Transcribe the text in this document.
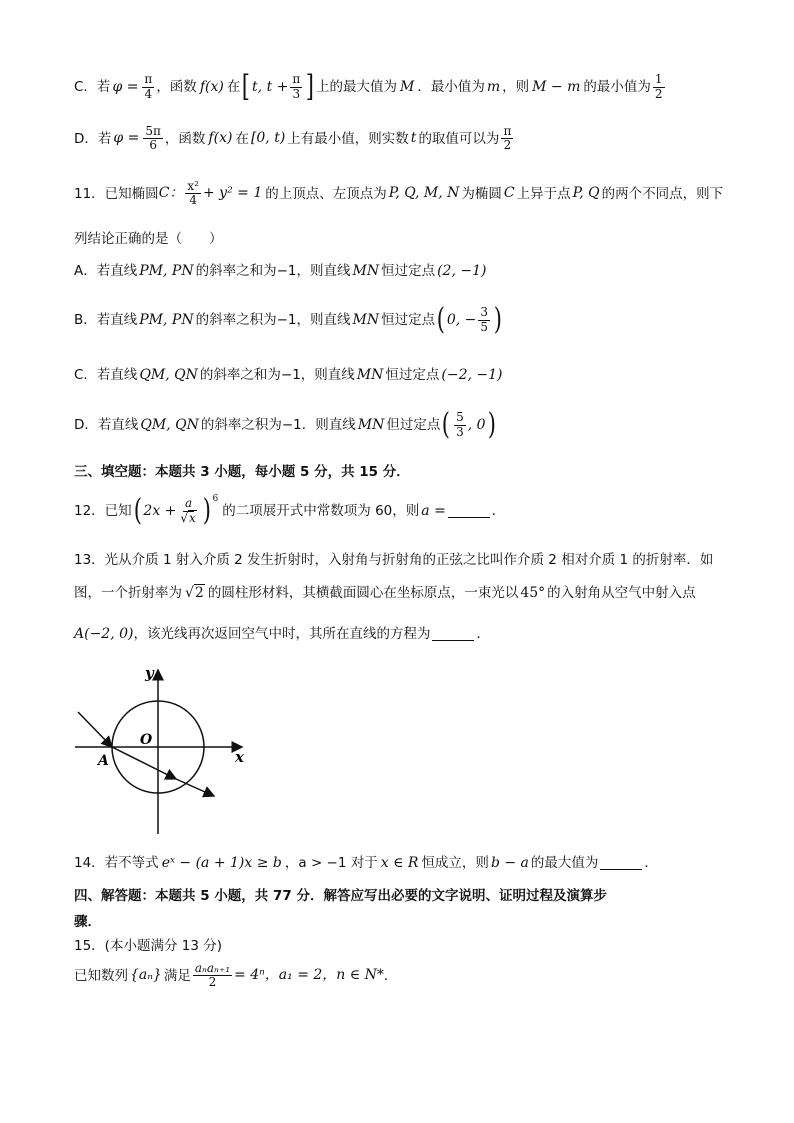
C．若 $\varphi = \frac{\pi}{4}$ ，函数 f(x) 在 [ t, $t + \frac{\pi}{3}$ ] 上的最大值为 M ．最小值为 m ，则 M − m 的最小值为 $\frac{1}{2}$
D．若 $\varphi = \frac{5\pi}{6}$ ，函数 f(x) 在 [0, t) 上有最小值，则实数 t 的取值可以为 $\frac{\pi}{2}$
11．已知椭圆 C： $\frac{\text{x²}}{4} + y^2 = 1$ 的上顶点、左顶点为 P, Q, M, N 为椭圆 C 上异于点 P, Q 的两个不同点，则下
列结论正确的是（　　）
A．若直线 PM, PN 的斜率之和为−1，则直线 MN 恒过定点 (2, −1)
B．若直线 PM, PN 的斜率之积为−1，则直线 MN 恒过定点 ( 0, − $\frac{3}{5}$ )
C．若直线 QM, QN 的斜率之和为−1，则直线 MN 恒过定点 (−2, −1)
D．若直线 QM, QN 的斜率之积为−1．则直线 MN 但过定点 ( $\frac{5}{3}$ , 0 )
三、填空题：本题共 3 小题，每小题 5 分，共 15 分．
12．已知 ( $2x + \frac{a}{√x} )^6$
的二项展开式中常数项为 60，则 a =	．
13．光从介质 1 射入介质 2 发生折射时，入射角与折射角的正弦之比叫作介质 2 相对介质 1 的折射率．如
图，一个折射率为 √2 的圆柱形材料，其横截面圆心在坐标原点，一束光以 45° 的入射角从空气中射入点
A(−2, 0) ，该光线再次返回空气中时，其所在直线的方程为	．
y
x
O
A
14．若不等式 eˣ − (a + 1)x ≥ b ，a > −1 对于 x ∈ R 恒成立，则 b − a 的最大值为	．
四、解答题：本题共 5 小题，共 77 分．解答应写出必要的文字说明、证明过程及演算步
骤．
15．(本小题满分 13 分)
已知数列 {aₙ} 满足 $\frac{\text{aₙaₙ₊₁}}{2} = 4^n$ ，a₁ = 2 ，n ∈ N* ．
